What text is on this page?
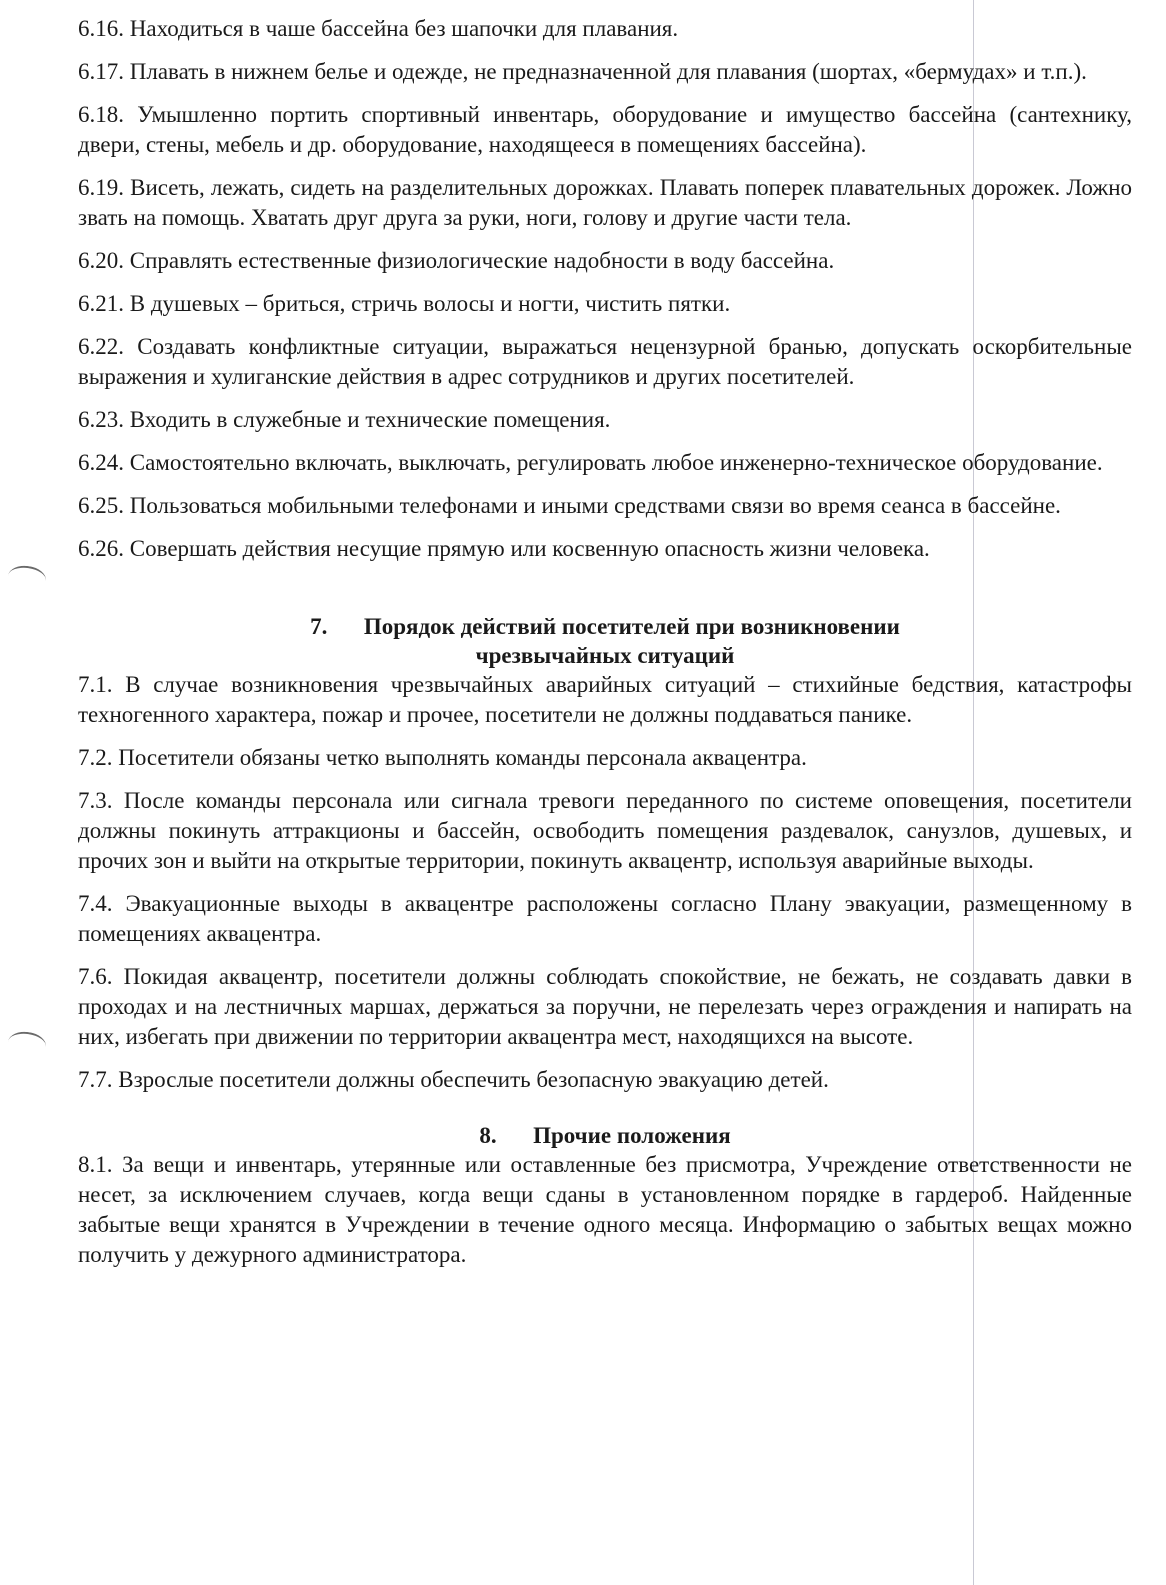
6.16. Находиться в чаше бассейна без шапочки для плавания.

6.17. Плавать в нижнем белье и одежде, не предназначенной для плавания (шортах, «бермудах» и т.п.).

6.18. Умышленно портить спортивный инвентарь, оборудование и имущество бассейна (сантехнику, двери, стены, мебель и др. оборудование, находящееся в помещениях бассейна).

6.19. Висеть, лежать, сидеть на разделительных дорожках. Плавать поперек плавательных дорожек. Ложно звать на помощь. Хватать друг друга за руки, ноги, голову и другие части тела.

6.20. Справлять естественные физиологические надобности в воду бассейна.

6.21. В душевых – бриться, стричь волосы и ногти, чистить пятки.

6.22. Создавать конфликтные ситуации, выражаться нецензурной бранью, допускать оскорбительные выражения и хулиганские действия в адрес сотрудников и других посетителей.

6.23. Входить в служебные и технические помещения.

6.24. Самостоятельно включать, выключать, регулировать любое инженерно-техническое оборудование.

6.25. Пользоваться мобильными телефонами и иными средствами связи во время сеанса в бассейне.

6.26. Совершать действия несущие прямую или косвенную опасность жизни человека.

7. Порядок действий посетителей при возникновении
чрезвычайных ситуаций

7.1. В случае возникновения чрезвычайных аварийных ситуаций – стихийные бедствия, катастрофы техногенного характера, пожар и прочее, посетители не должны поддаваться панике.

7.2. Посетители обязаны четко выполнять команды персонала аквацентра.

7.3. После команды персонала или сигнала тревоги переданного по системе оповещения, посетители должны покинуть аттракционы и бассейн, освободить помещения раздевалок, санузлов, душевых, и прочих зон и выйти на открытые территории, покинуть аквацентр, используя аварийные выходы.

7.4. Эвакуационные выходы в аквацентре расположены согласно Плану эвакуации, размещенному в помещениях аквацентра.

7.6. Покидая аквацентр, посетители должны соблюдать спокойствие, не бежать, не создавать давки в проходах и на лестничных маршах, держаться за поручни, не перелезать через ограждения и напирать на них, избегать при движении по территории аквацентра мест, находящихся на высоте.

7.7. Взрослые посетители должны обеспечить безопасную эвакуацию детей.

8. Прочие положения

8.1. За вещи и инвентарь, утерянные или оставленные без присмотра, Учреждение ответственности не несет, за исключением случаев, когда вещи сданы в установленном порядке в гардероб. Найденные забытые вещи хранятся в Учреждении в течение одного месяца. Информацию о забытых вещах можно получить у дежурного администратора.
